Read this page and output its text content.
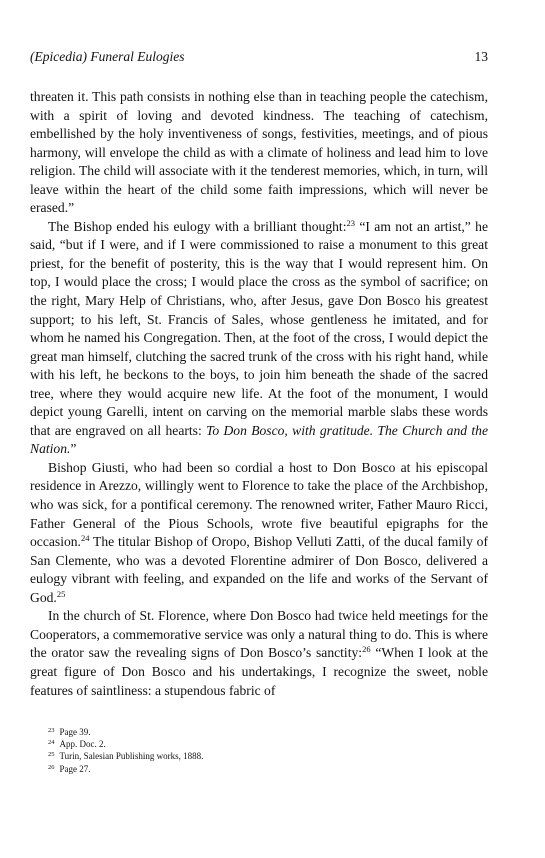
(Epicedia) Funeral Eulogies	13

threaten it. This path consists in nothing else than in teaching people the catechism, with a spirit of loving and devoted kindness. The teaching of catechism, embellished by the holy inventiveness of songs, festivities, meetings, and of pious harmony, will envelope the child as with a climate of holiness and lead him to love religion. The child will associate with it the tenderest memories, which, in turn, will leave within the heart of the child some faith impressions, which will never be erased.”

The Bishop ended his eulogy with a brilliant thought:$^{23}$ “I am not an artist,” he said, “but if I were, and if I were commissioned to raise a monument to this great priest, for the benefit of posterity, this is the way that I would represent him. On top, I would place the cross; I would place the cross as the symbol of sacrifice; on the right, Mary Help of Christians, who, after Jesus, gave Don Bosco his greatest support; to his left, St. Francis of Sales, whose gentleness he imitated, and for whom he named his Congregation. Then, at the foot of the cross, I would depict the great man himself, clutching the sacred trunk of the cross with his right hand, while with his left, he beckons to the boys, to join him beneath the shade of the sacred tree, where they would acquire new life. At the foot of the monument, I would depict young Garelli, intent on carving on the memorial marble slabs these words that are engraved on all hearts: To Don Bosco, with gratitude. The Church and the Nation.”

Bishop Giusti, who had been so cordial a host to Don Bosco at his episcopal residence in Arezzo, willingly went to Florence to take the place of the Archbishop, who was sick, for a pontifical ceremony. The renowned writer, Father Mauro Ricci, Father General of the Pious Schools, wrote five beautiful epigraphs for the occasion.$^{24}$ The titular Bishop of Oropo, Bishop Velluti Zatti, of the ducal family of San Clemente, who was a devoted Florentine admirer of Don Bosco, delivered a eulogy vibrant with feeling, and expanded on the life and works of the Servant of God.$^{25}$

In the church of St. Florence, where Don Bosco had twice held meetings for the Cooperators, a commemorative service was only a natural thing to do. This is where the orator saw the revealing signs of Don Bosco’s sanctity:$^{26}$ “When I look at the great figure of Don Bosco and his undertakings, I recognize the sweet, noble features of saintliness: a stupendous fabric of

$^{23}$ Page 39.
$^{24}$ App. Doc. 2.
$^{25}$ Turin, Salesian Publishing works, 1888.
$^{26}$ Page 27.
